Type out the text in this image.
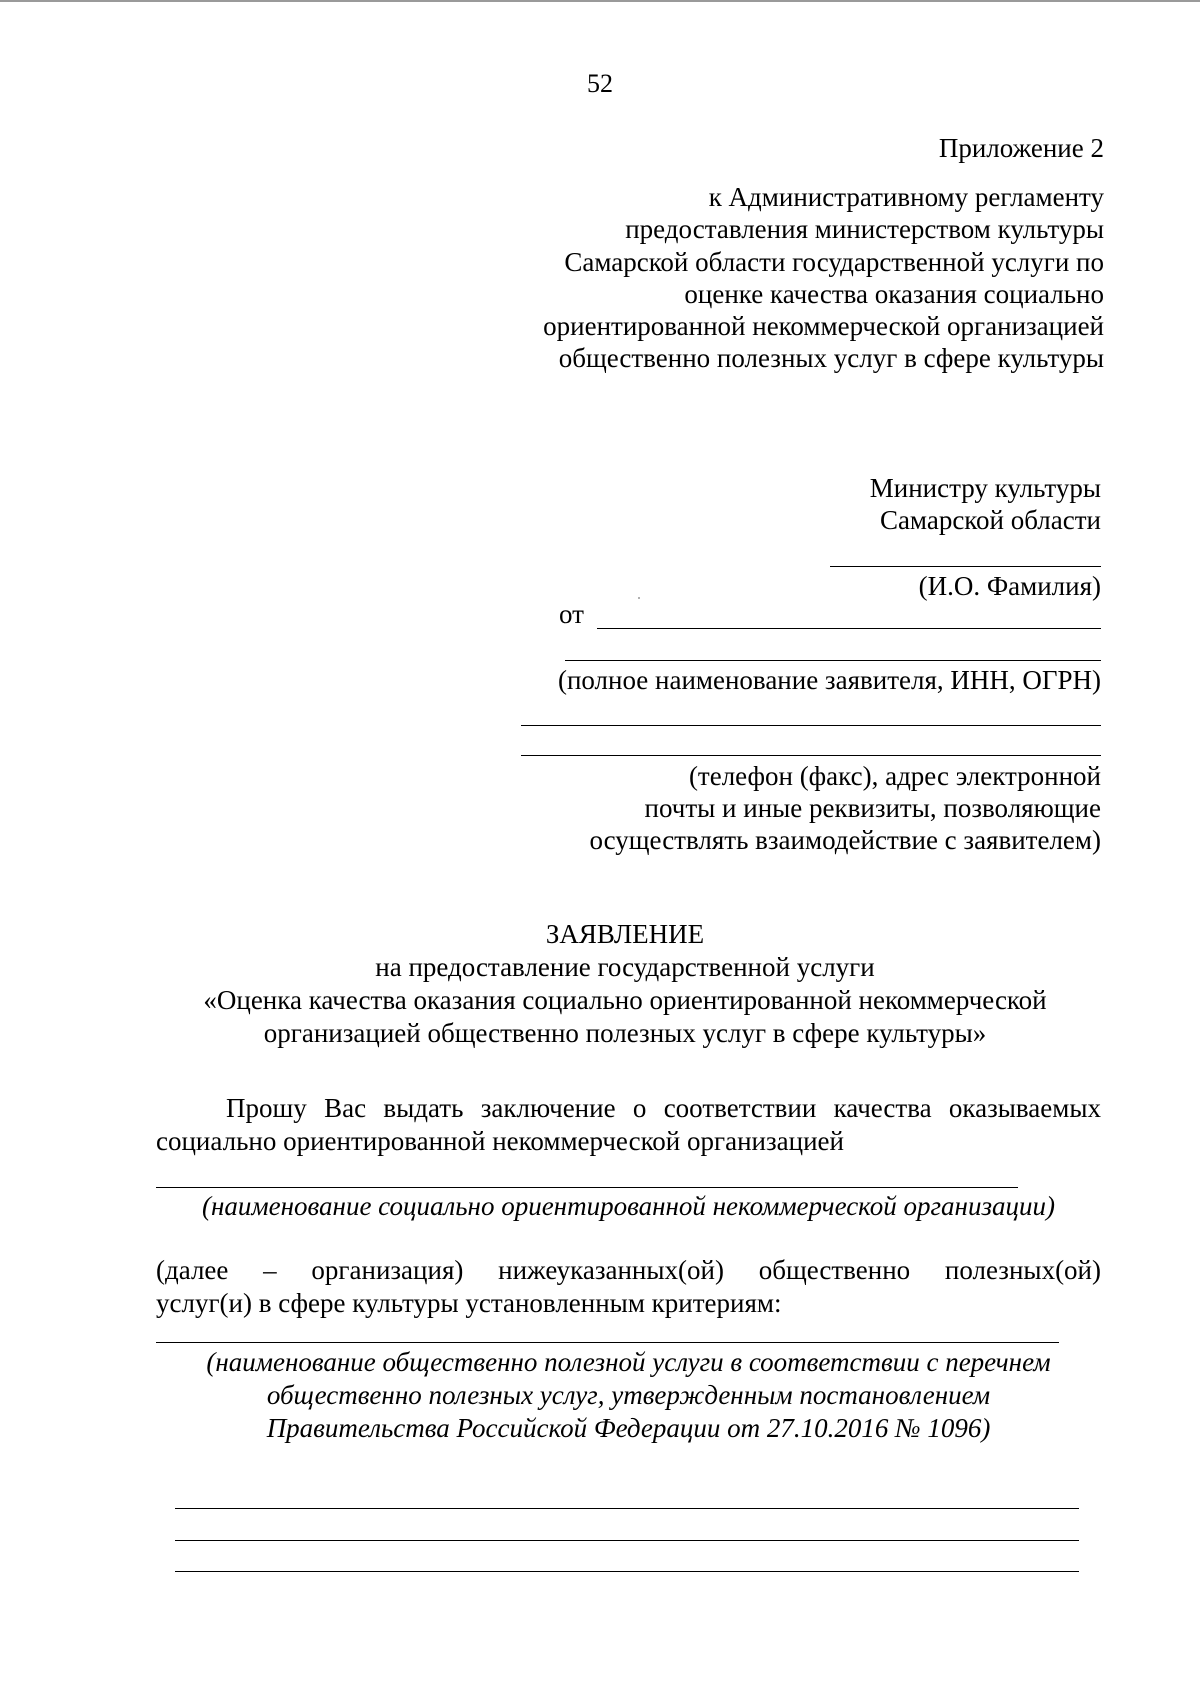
52
Приложение 2
к Административному регламенту
предоставления министерством культуры
Самарской области государственной услуги по
оценке качества оказания социально
ориентированной некоммерческой организацией
общественно полезных услуг в сфере культуры
Министру культуры
Самарской области
(И.О. Фамилия)
от
(полное наименование заявителя, ИНН, ОГРН)
(телефон (факс), адрес электронной
почты и иные реквизиты, позволяющие
осуществлять взаимодействие с заявителем)
ЗАЯВЛЕНИЕ
на предоставление государственной услуги
«Оценка качества оказания социально ориентированной некоммерческой
организацией общественно полезных услуг в сфере культуры»
Прошу Вас выдать заключение о соответствии качества оказываемых
социально ориентированной некоммерческой организацией
(наименование социально ориентированной некоммерческой организации)
(далее – организация) нижеуказанных(ой) общественно полезных(ой)
услуг(и) в сфере культуры установленным критериям:
(наименование общественно полезной услуги в соответствии с перечнем
общественно полезных услуг, утвержденным постановлением
Правительства Российской Федерации от 27.10.2016 № 1096)
